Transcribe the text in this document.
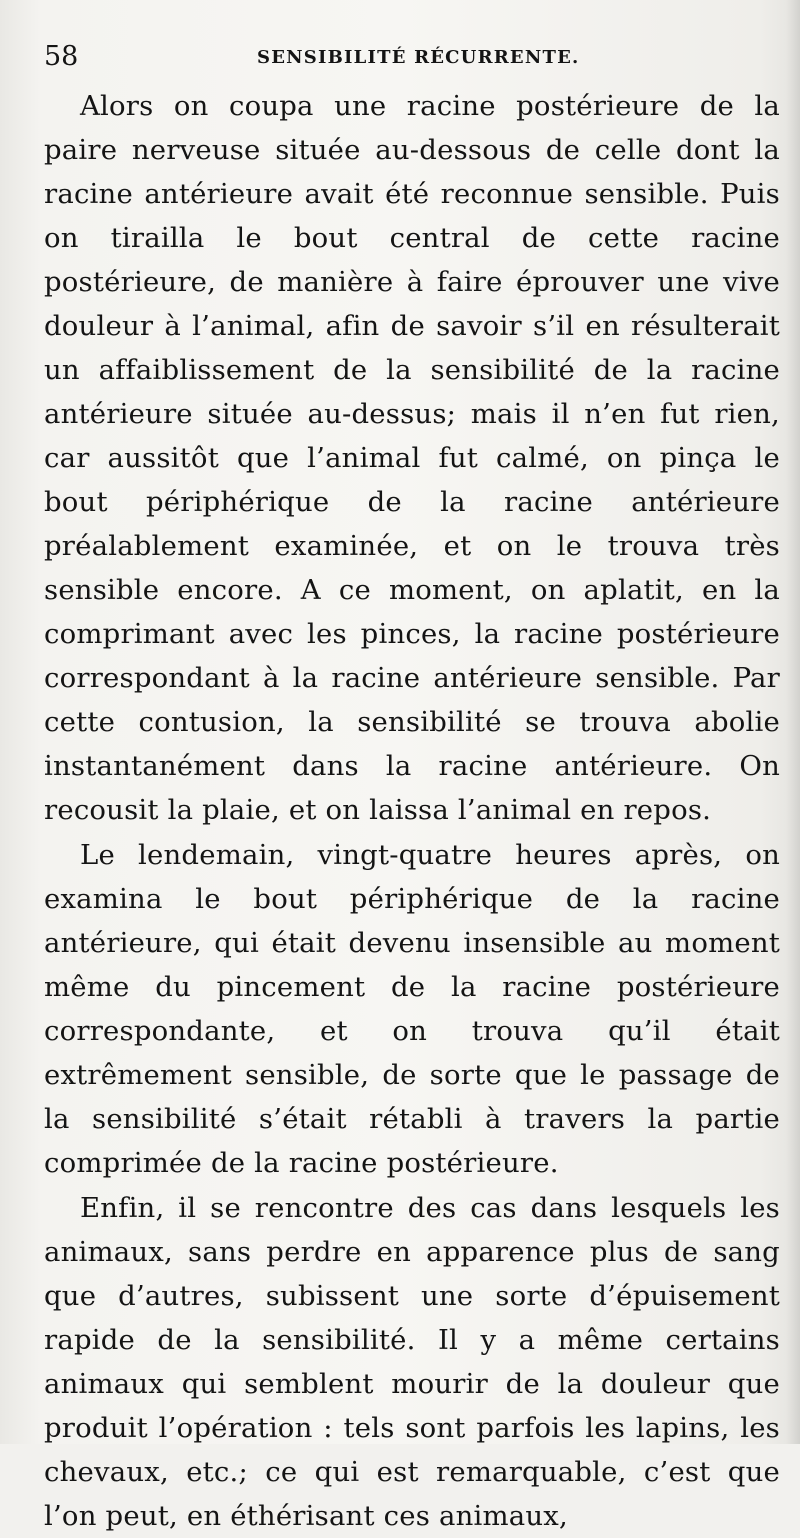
58	SENSIBILITÉ RÉCURRENTE.

Alors on coupa une racine postérieure de la paire nerveuse située au-dessous de celle dont la racine antérieure avait été reconnue sensible. Puis on tirailla le bout central de cette racine postérieure, de manière à faire éprouver une vive douleur à l’animal, afin de savoir s’il en résulterait un affaiblissement de la sensibilité de la racine antérieure située au-dessus; mais il n’en fut rien, car aussitôt que l’animal fut calmé, on pinça le bout périphérique de la racine antérieure préalablement examinée, et on le trouva très sensible encore. A ce moment, on aplatit, en la comprimant avec les pinces, la racine postérieure correspondant à la racine antérieure sensible. Par cette contusion, la sensibilité se trouva abolie instantanément dans la racine antérieure. On recousit la plaie, et on laissa l’animal en repos.

Le lendemain, vingt-quatre heures après, on examina le bout périphérique de la racine antérieure, qui était devenu insensible au moment même du pincement de la racine postérieure correspondante, et on trouva qu’il était extrêmement sensible, de sorte que le passage de la sensibilité s’était rétabli à travers la partie comprimée de la racine postérieure.

Enfin, il se rencontre des cas dans lesquels les animaux, sans perdre en apparence plus de sang que d’autres, subissent une sorte d’épuisement rapide de la sensibilité. Il y a même certains animaux qui semblent mourir de la douleur que produit l’opération : tels sont parfois les lapins, les chevaux, etc.; ce qui est remarquable, c’est que l’on peut, en éthérisant ces animaux,
